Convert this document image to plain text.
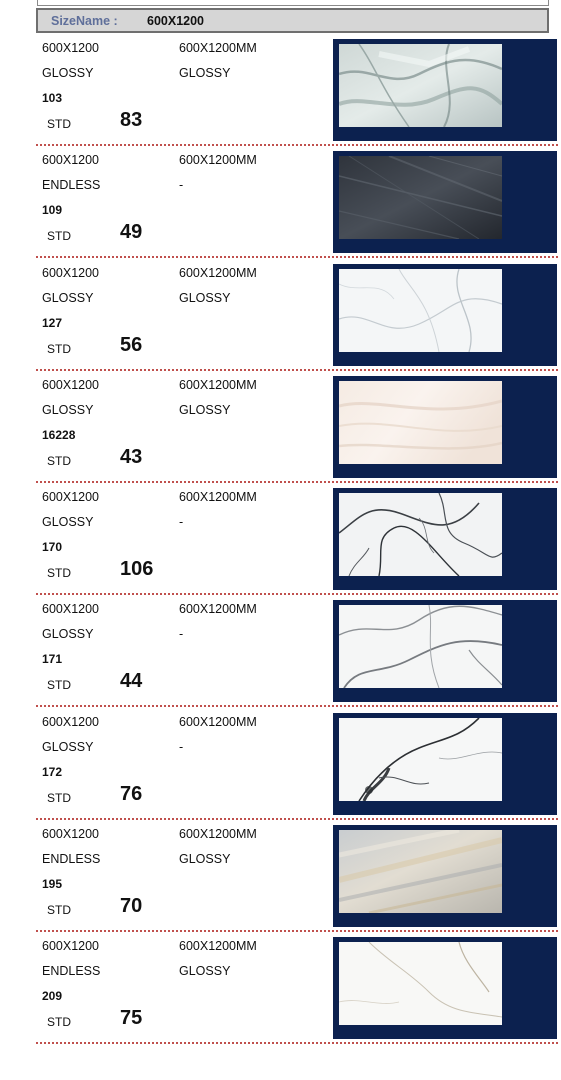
SizeName :	600X1200
600X1200
GLOSSY
103
STD 83
600X1200MM
GLOSSY
600X1200
ENDLESS
109
STD 49
600X1200MM
-
600X1200
GLOSSY
127
STD 56
600X1200MM
GLOSSY
600X1200
GLOSSY
16228
STD 43
600X1200MM
GLOSSY
600X1200
GLOSSY
170
STD 106
600X1200MM
-
600X1200
GLOSSY
171
STD 44
600X1200MM
-
600X1200
GLOSSY
172
STD 76
600X1200MM
-
600X1200
ENDLESS
195
STD 70
600X1200MM
GLOSSY
600X1200
ENDLESS
209
STD 75
600X1200MM
GLOSSY
